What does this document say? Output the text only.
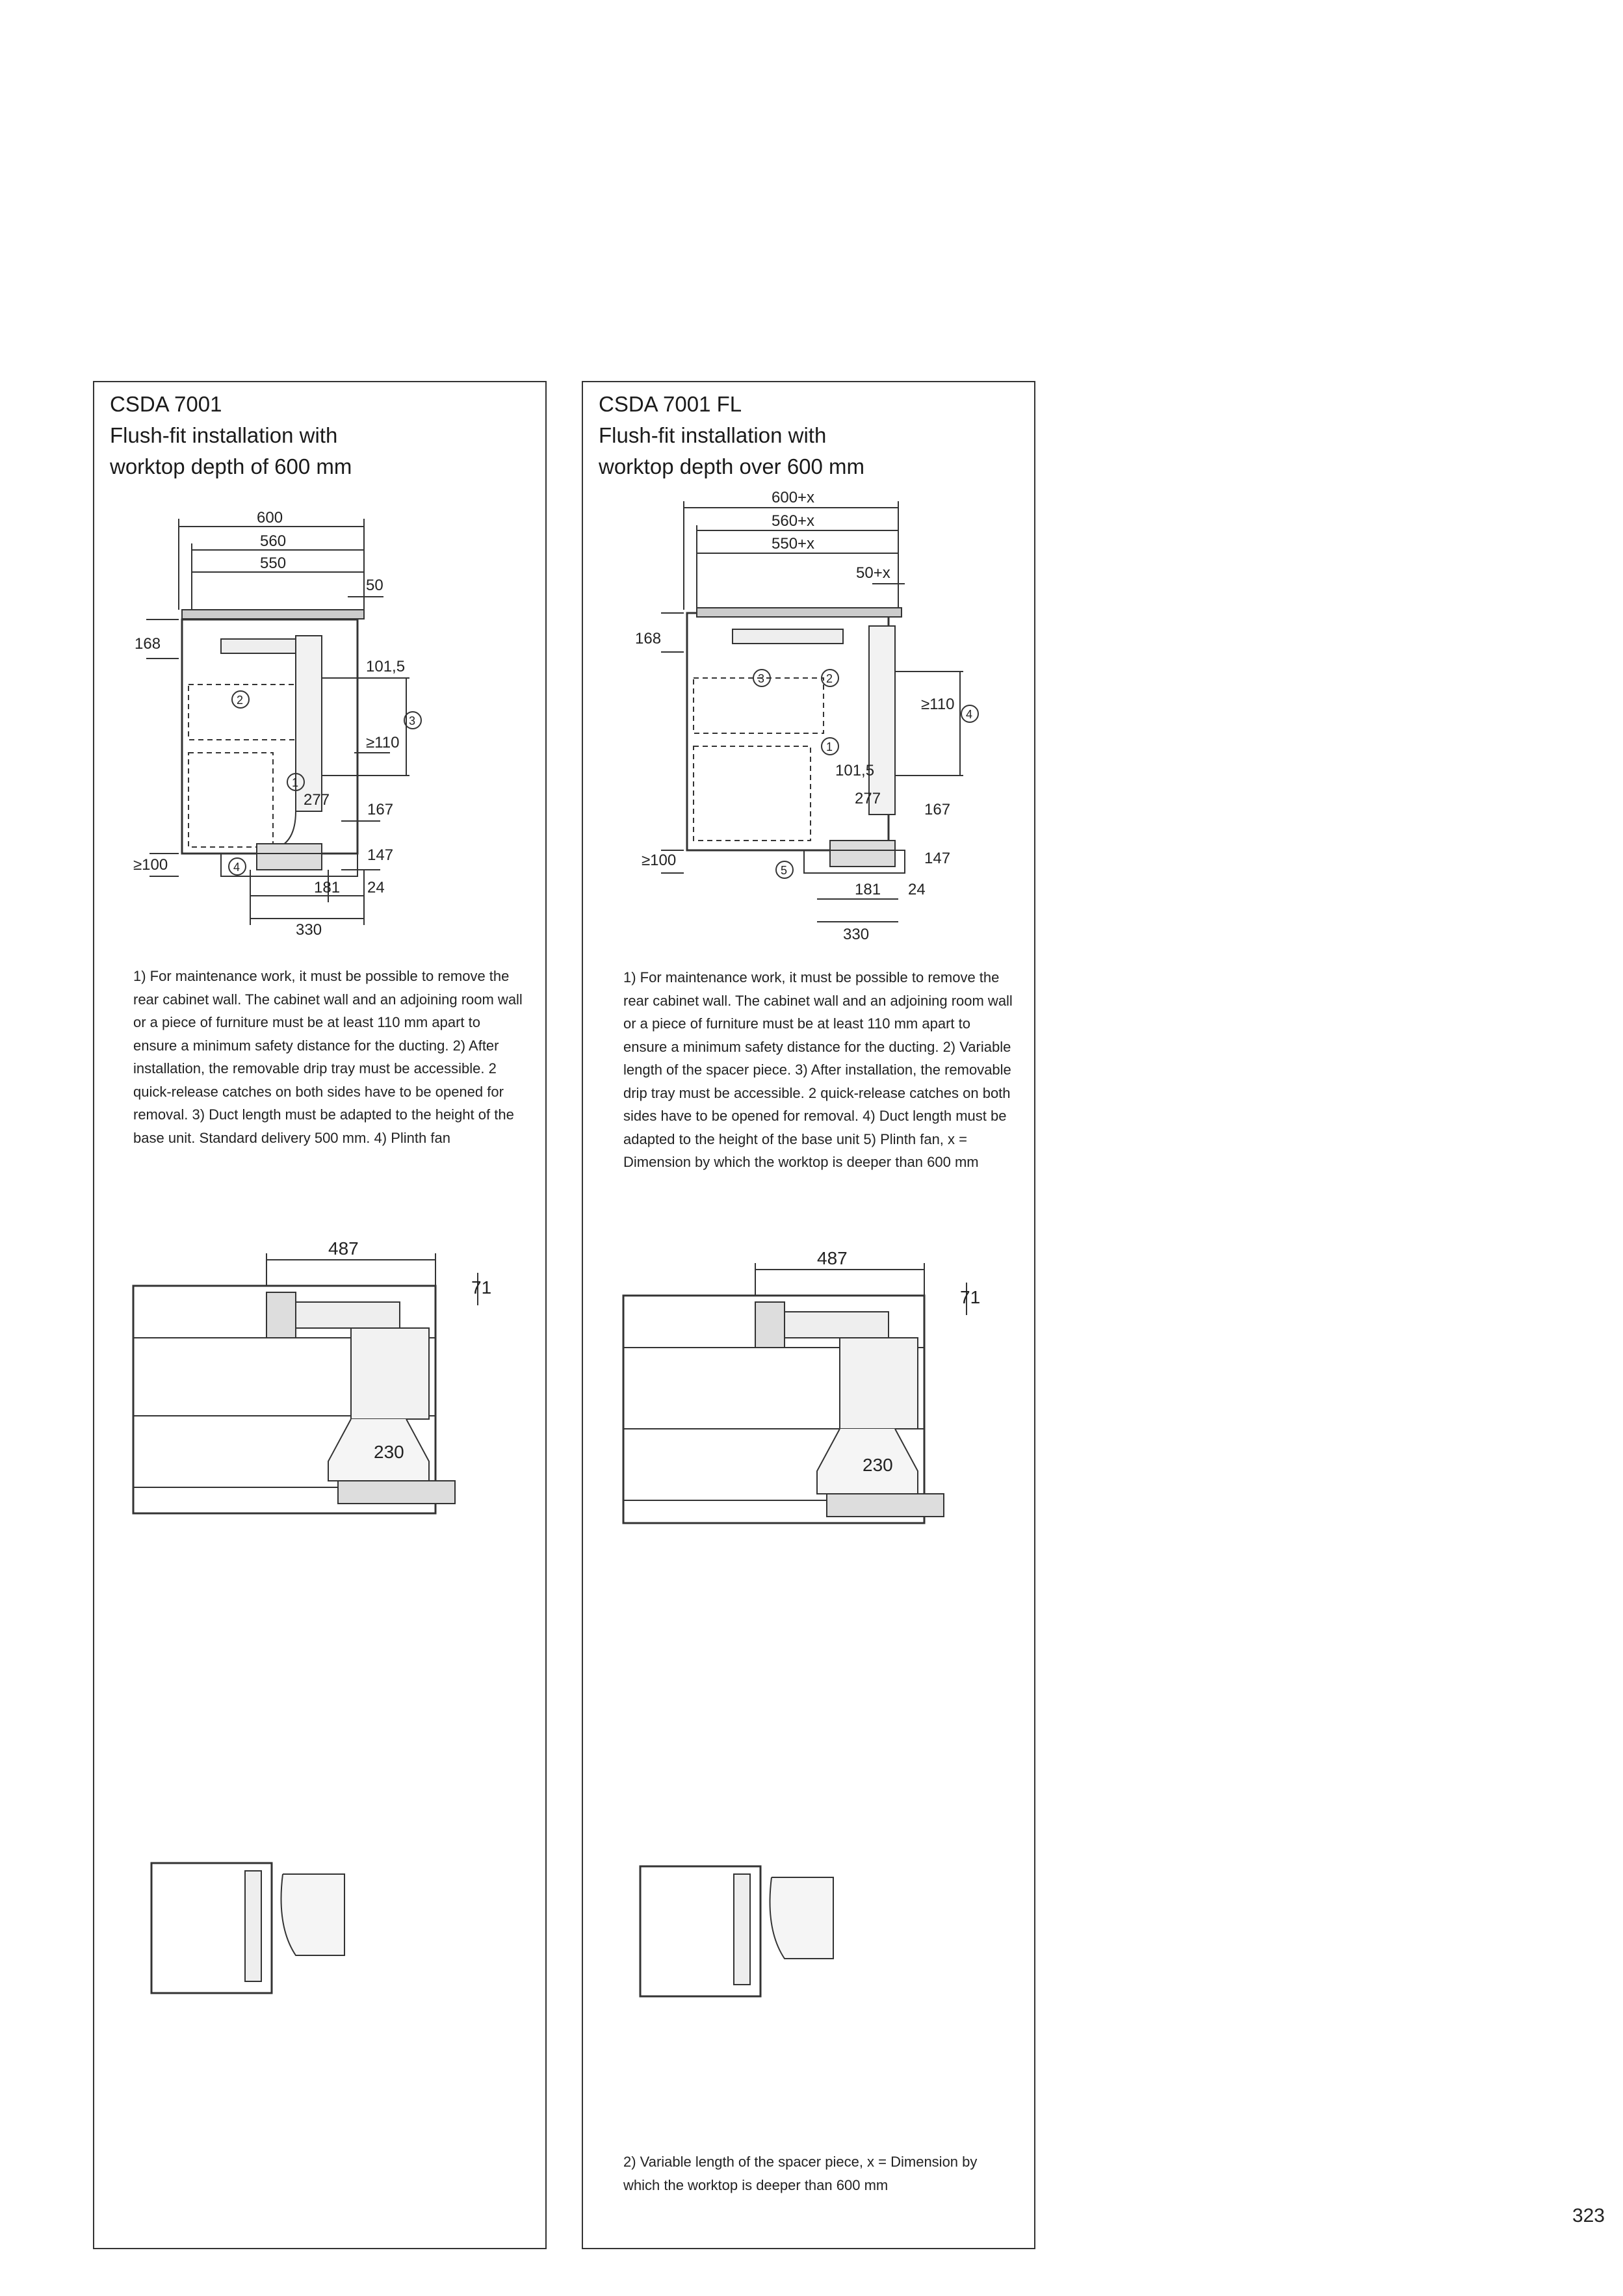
CSDA 7001
Flush-fit installation with
worktop depth of 600 mm
600
560
550
50
168
≥100
101,5
≥110
167
147
277
181 24
330
2
3
1
4
1) For maintenance work, it must be possible to remove the rear cabinet wall. The cabinet wall and an adjoining room wall or a piece of furniture must be at least 110 mm apart to ensure a minimum safety distance for the ducting. 2) After installation, the removable drip tray must be accessible. 2 quick-release catches on both sides have to be opened for removal. 3) Duct length must be adapted to the height of the base unit. Standard delivery 500 mm. 4) Plinth fan
487
71
230
CSDA 7001 FL
Flush-fit installation with
worktop depth over 600 mm
600+x
560+x
550+x
50+x
168
≥100
≥110
101,5
167
147
277
181 24
330
3	2
4
1
5
1) For maintenance work, it must be possible to remove the rear cabinet wall. The cabinet wall and an adjoining room wall or a piece of furniture must be at least 110 mm apart to ensure a minimum safety distance for the ducting. 2) Variable length of the spacer piece. 3) After installation, the removable drip tray must be accessible. 2 quick-release catches on both sides have to be opened for removal. 4) Duct length must be adapted to the height of the base unit 5) Plinth fan, x = Dimension by which the worktop is deeper than 600 mm
487
71
230
2) Variable length of the spacer piece, x = Dimension by which the worktop is deeper than 600 mm
323
